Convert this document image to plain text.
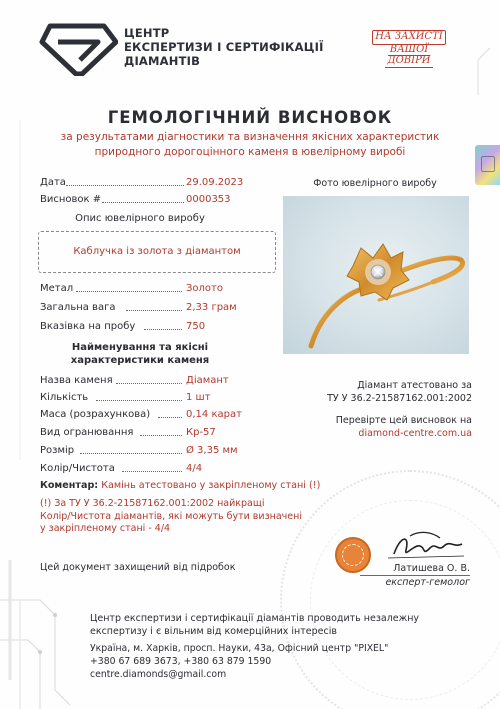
ЦЕНТР
ЕКСПЕРТИЗИ І СЕРТИФІКАЦІЇ
ДІАМАНТІВ
НА ЗАХИСТІ
ВАШОЇ
ДОВІРИ
ГЕМОЛОГІЧНИЙ ВИСНОВОК
за результатами діагностики та визначення якісних характеристик
природного дорогоцінного каменя в ювелірному виробі
Дата	29.09.2023
Висновок #	0000353
Опис ювелірного виробу
Каблучка із золота з діамантом
Метал	Золото
Загальна вага	2,33 грам
Вказівка на пробу	750
Найменування та якісні
характеристики каменя
Назва каменя	Діамант
Кількість	1 шт
Маса (розрахункова)	0,14 карат
Вид огранювання	Кр-57
Розмір	Ø 3,35 мм
Колір/Чистота	4/4
Фото ювелірного виробу
Діамант атестовано за
ТУ У 36.2-21587162.001:2002
Перевірте цей висновок на
diamond-centre.com.ua
Коментар: Камінь атестовано у закріпленому стані (!)
(!) За ТУ У 36.2-21587162.001:2002 найкращі
Колір/Чистота діамантів, які можуть бути визначені
у закріпленому стані - 4/4
Цей документ захищений від підробок	Латишева О. В.
експерт-гемолог
Центр експертизи і сертифікації діамантів проводить незалежну
експертизу і є вільним від комерційних інтересів
Україна, м. Харків, просп. Науки, 43а, Офісний центр "PIXEL"
+380 67 689 3673, +380 63 879 1590
centre.diamonds@gmail.com
